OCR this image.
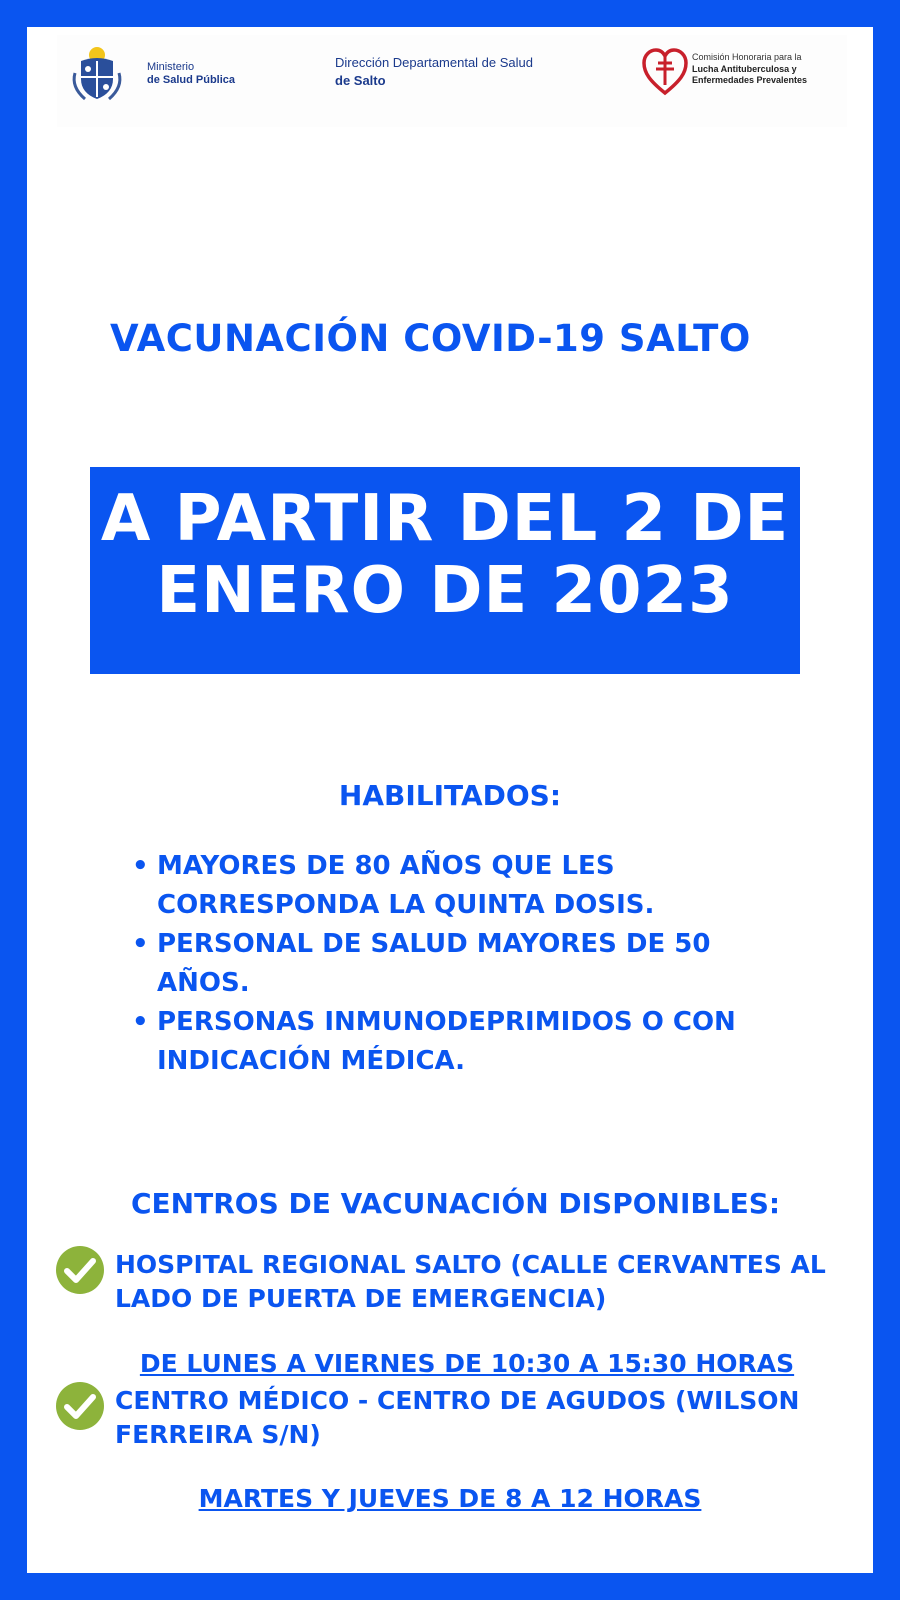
Ministerio
de Salud Pública
Dirección Departamental de Salud
de Salto
Comisión Honoraria para la
Lucha Antituberculosa y
Enfermedades Prevalentes
VACUNACIÓN COVID-19 SALTO
A PARTIR DEL 2 DE
ENERO DE 2023
HABILITADOS:
• MAYORES DE 80 AÑOS QUE LES CORRESPONDA LA QUINTA DOSIS.
• PERSONAL DE SALUD MAYORES DE 50 AÑOS.
• PERSONAS INMUNODEPRIMIDOS O CON INDICACIÓN MÉDICA.
CENTROS DE VACUNACIÓN DISPONIBLES:
HOSPITAL REGIONAL SALTO (CALLE CERVANTES AL LADO DE PUERTA DE EMERGENCIA)
DE LUNES A VIERNES DE 10:30 A 15:30 HORAS
CENTRO MÉDICO - CENTRO DE AGUDOS (WILSON FERREIRA S/N)
MARTES Y JUEVES DE 8 A 12 HORAS
